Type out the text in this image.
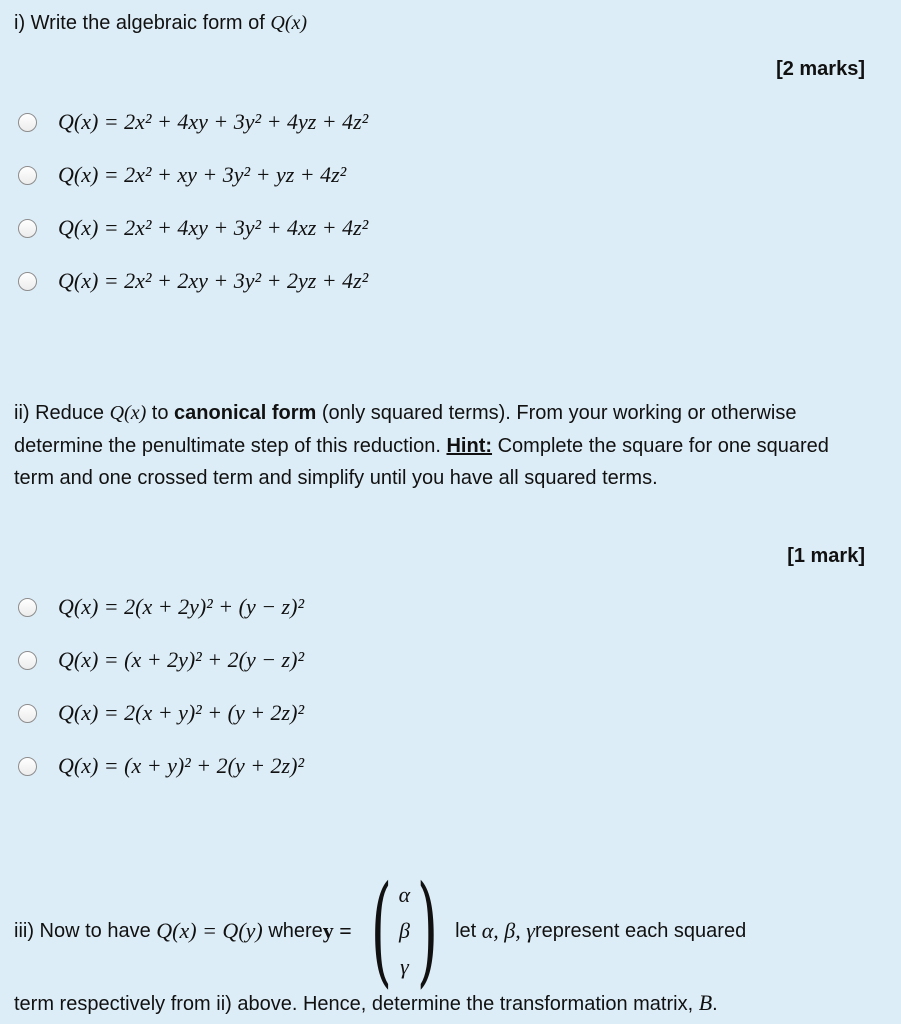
i) Write the algebraic form of Q(x)
[2 marks]
Q(x) = 2x² + 4xy + 3y² + 4yz + 4z²
Q(x) = 2x² + xy + 3y² + yz + 4z²
Q(x) = 2x² + 4xy + 3y² + 4xz + 4z²
Q(x) = 2x² + 2xy + 3y² + 2yz + 4z²
ii) Reduce Q(x) to canonical form (only squared terms). From your working or otherwise determine the penultimate step of this reduction. Hint: Complete the square for one squared term and one crossed term and simplify until you have all squared terms.
[1 mark]
Q(x) = 2(x + 2y)² + (y − z)²
Q(x) = (x + 2y)² + 2(y − z)²
Q(x) = 2(x + y)² + (y + 2z)²
Q(x) = (x + y)² + 2(y + 2z)²
iii) Now to have
Q(x) = Q(y)
where y = ( α
β
γ ) let
α, β, γ represent each squared
term respectively from ii) above. Hence, determine the transformation matrix, B.
